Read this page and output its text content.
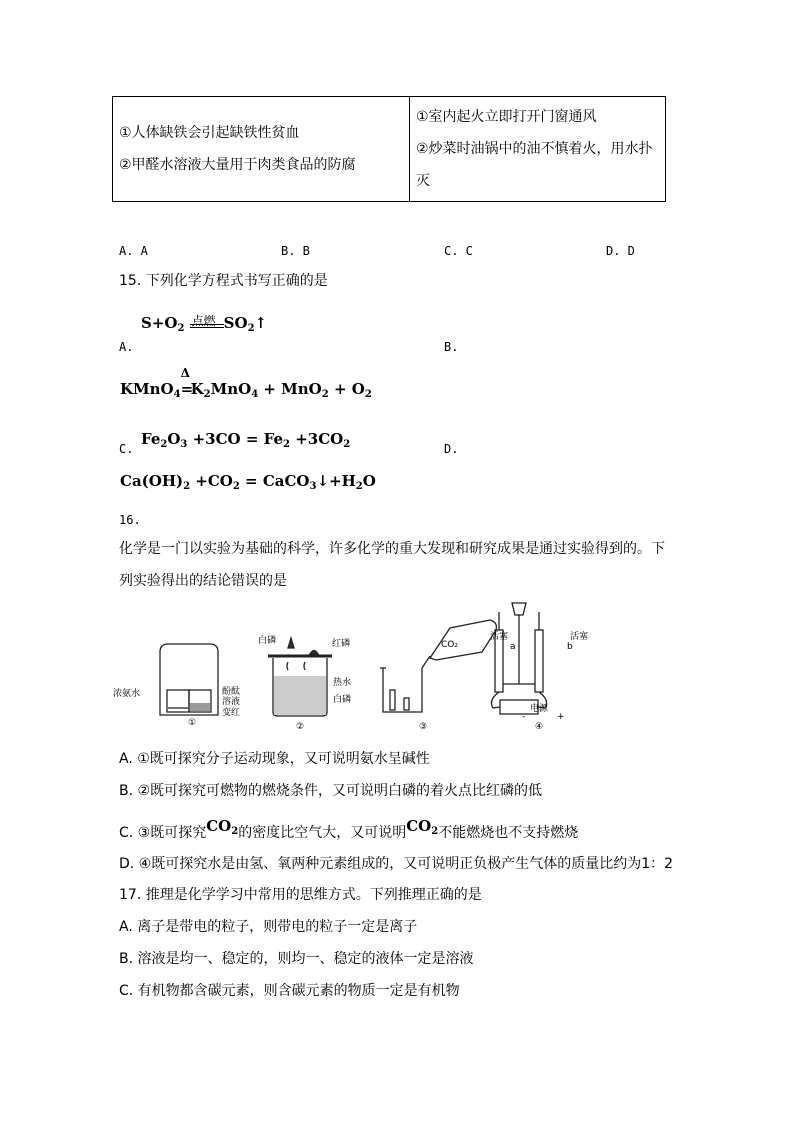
①人体缺铁会引起缺铁性贫血
②甲醛水溶液大量用于肉类食品的防腐

①室内起火立即打开门窗通风
②炒菜时油锅中的油不慎着火，用水扑
灭
A. A	B. B	C. C	D. D
15. 下列化学方程式书写正确的是
$S+O_2$
点燃 $SO_2↑$
A.	B.
KMnO$_4$
Δ
$=K_2MnO_4 + MnO_2 + O_2$
C.
$Fe_2O_3 +3CO = Fe_2 +3CO_2$	D.
$Ca(OH)_2 +CO_2$ = $CaCO_3↓+H_2O$
16.
化学是一门以实验为基础的科学，许多化学的重大发现和研究成果是通过实验得到的。下
列实验得出的结论错误的是
浓氨水	酚酞
溶液
变红
①
白磷	红磷
热水
白磷
②
CO₂
③
活塞	活塞
a	b
电源
-	+
④
A. ①既可探究分子运动现象，又可说明氨水呈碱性
B. ②既可探究可燃物的燃烧条件，又可说明白磷的着火点比红磷的低
C. ③既可探究$CO_2$的密度比空气大，又可说明$CO_2$不能燃烧也不支持燃烧
D. ④既可探究水是由氢、氧两种元素组成的，又可说明正负极产生气体的质量比约为1：2
17. 推理是化学学习中常用的思维方式。下列推理正确的是
A. 离子是带电的粒子，则带电的粒子一定是离子
B. 溶液是均一、稳定的，则均一、稳定的液体一定是溶液
C. 有机物都含碳元素，则含碳元素的物质一定是有机物
